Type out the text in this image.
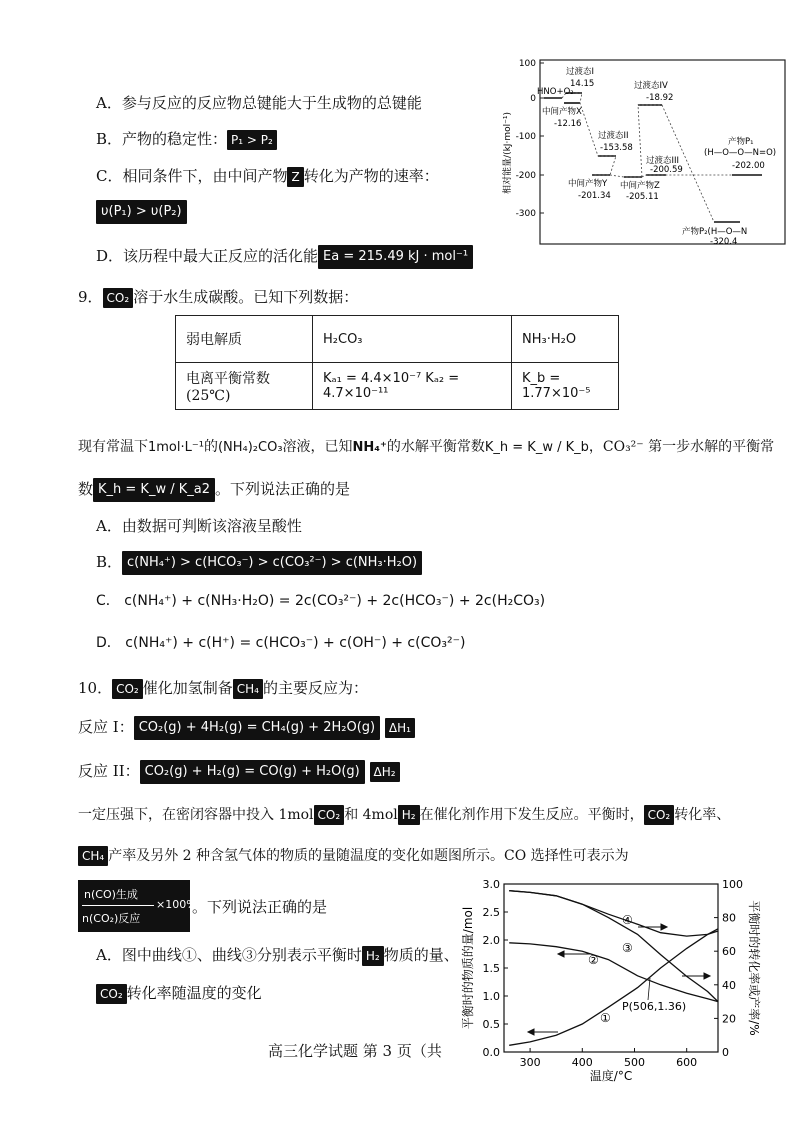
A．参与反应的反应物总键能大于生成物的总键能
B．产物的稳定性： P₁ > P₂
C．相同条件下，由中间产物 Z 转化为产物的速率：
υ(P₁) > υ(P₂)
D．该历程中最大正反应的活化能 Ea = 215.49 kJ · mol⁻¹
相对能量/(kJ·mol⁻¹)
100
0
-100
-200
-300
HNO+O₂
过渡态I
14.15
中间产物X
-12.16
过渡态II
-153.58
中间产物Y
-201.34
过渡态IV
-18.92
中间产物Z
-205.11
过渡态III
-200.59
产物P₁
(H—O—O—N=O)
-202.00
产物P₂(H—O—N
-320.4
9． CO₂ 溶于水生成碳酸。已知下列数据：
弱电解质	H₂CO₃	NH₃·H₂O
电离平衡常数(25℃)	Kₐ₁ = 4.4×10⁻⁷ Kₐ₂ = 4.7×10⁻¹¹	K_b = 1.77×10⁻⁵
现有常温下1mol·L⁻¹的(NH₄)₂CO₃溶液，已知NH₄⁺的水解平衡常数K_h = K_w / K_b，CO₃²⁻ 第一步水解的平衡常
数 K_h = K_w / K_a2 。下列说法正确的是
A．由数据可判断该溶液呈酸性
B． c(NH₄⁺) > c(HCO₃⁻) > c(CO₃²⁻) > c(NH₃·H₂O)
C． c(NH₄⁺) + c(NH₃·H₂O) = 2c(CO₃²⁻) + 2c(HCO₃⁻) + 2c(H₂CO₃)
D． c(NH₄⁺) + c(H⁺) = c(HCO₃⁻) + c(OH⁻) + c(CO₃²⁻)
10． CO₂ 催化加氢制备 CH₄ 的主要反应为：
反应 I： CO₂(g) + 4H₂(g) = CH₄(g) + 2H₂O(g) ΔH₁
反应 II： CO₂(g) + H₂(g) = CO(g) + H₂O(g) ΔH₂
一定压强下，在密闭容器中投入 1mol CO₂ 和 4mol H₂ 在催化剂作用下发生反应。平衡时， CO₂ 转化率、
CH₄ 产率及另外 2 种含氢气体的物质的量随温度的变化如题图所示。CO 选择性可表示为
n(CO)生成
n(CO₂)反应
×100%
。下列说法正确的是
A．图中曲线①、曲线③分别表示平衡时 H₂ 物质的量、
CO₂ 转化率随温度的变化
高三化学试题 第 3 页（共
平衡时的物质的量/mol	平衡时的转化率或产率/%
温度/°C
300	400	500	600
0.0
0.5
1.0
1.5
2.0
2.5
3.0
0
20
40
60
80
100
P(506,1.36)
①
②
③
④
